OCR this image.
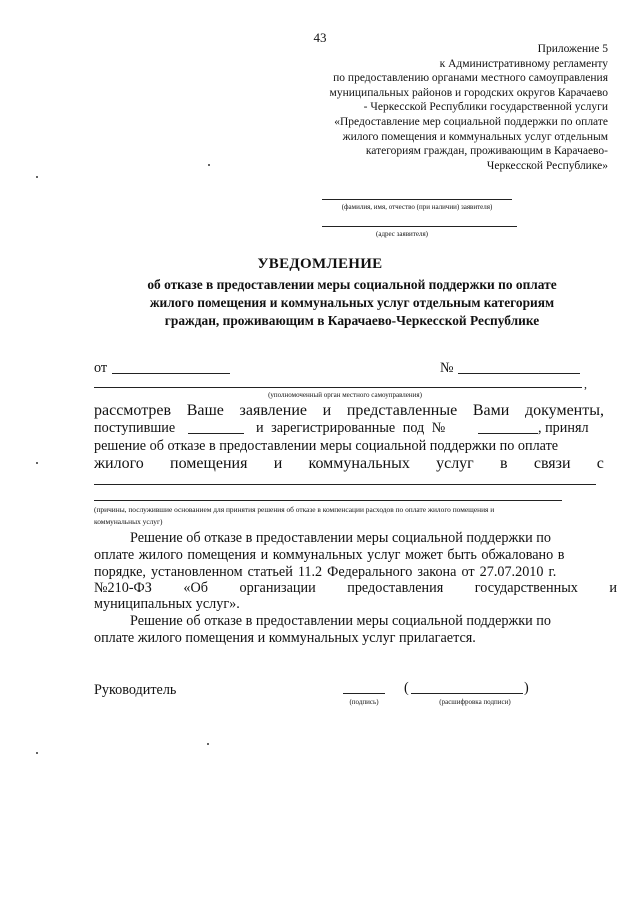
43
Приложение 5
к Административному регламенту
по предоставлению органами местного самоуправления
муниципальных районов и городских округов Карачаево
- Черкесской Республики государственной услуги
«Предоставление мер социальной поддержки по оплате
жилого помещения и коммунальных услуг отдельным
категориям граждан, проживающим в Карачаево-
Черкесской Республике»
(фамилия, имя, отчество (при наличии) заявителя)
(адрес заявителя)
УВЕДОМЛЕНИЕ
об отказе в предоставлении меры социальной поддержки по оплате
жилого помещения и коммунальных услуг отдельным категориям
граждан, проживающим в Карачаево-Черкесской Республике
от	№
,
(уполномоченный орган местного самоуправления)
рассмотрев Ваше заявление и представленные Вами документы,
поступившие	и зарегистрированные под №	, принял
решение об отказе в предоставлении меры социальной поддержки по оплате
жилого помещения и коммунальных услуг в связи с
(причины, послужившие основанием для принятия решения об отказе в компенсации расходов по оплате жилого помещения и
коммунальных услуг)
Решение об отказе в предоставлении меры социальной поддержки по
оплате жилого помещения и коммунальных услуг может быть обжаловано в
порядке, установленном статьей 11.2 Федерального закона от 27.07.2010 г.
№210-ФЗ «Об организации предоставления государственных и
муниципальных услуг».
Решение об отказе в предоставлении меры социальной поддержки по
оплате жилого помещения и коммунальных услуг прилагается.
Руководитель	(	)
(подпись)	(расшифровка подписи)
